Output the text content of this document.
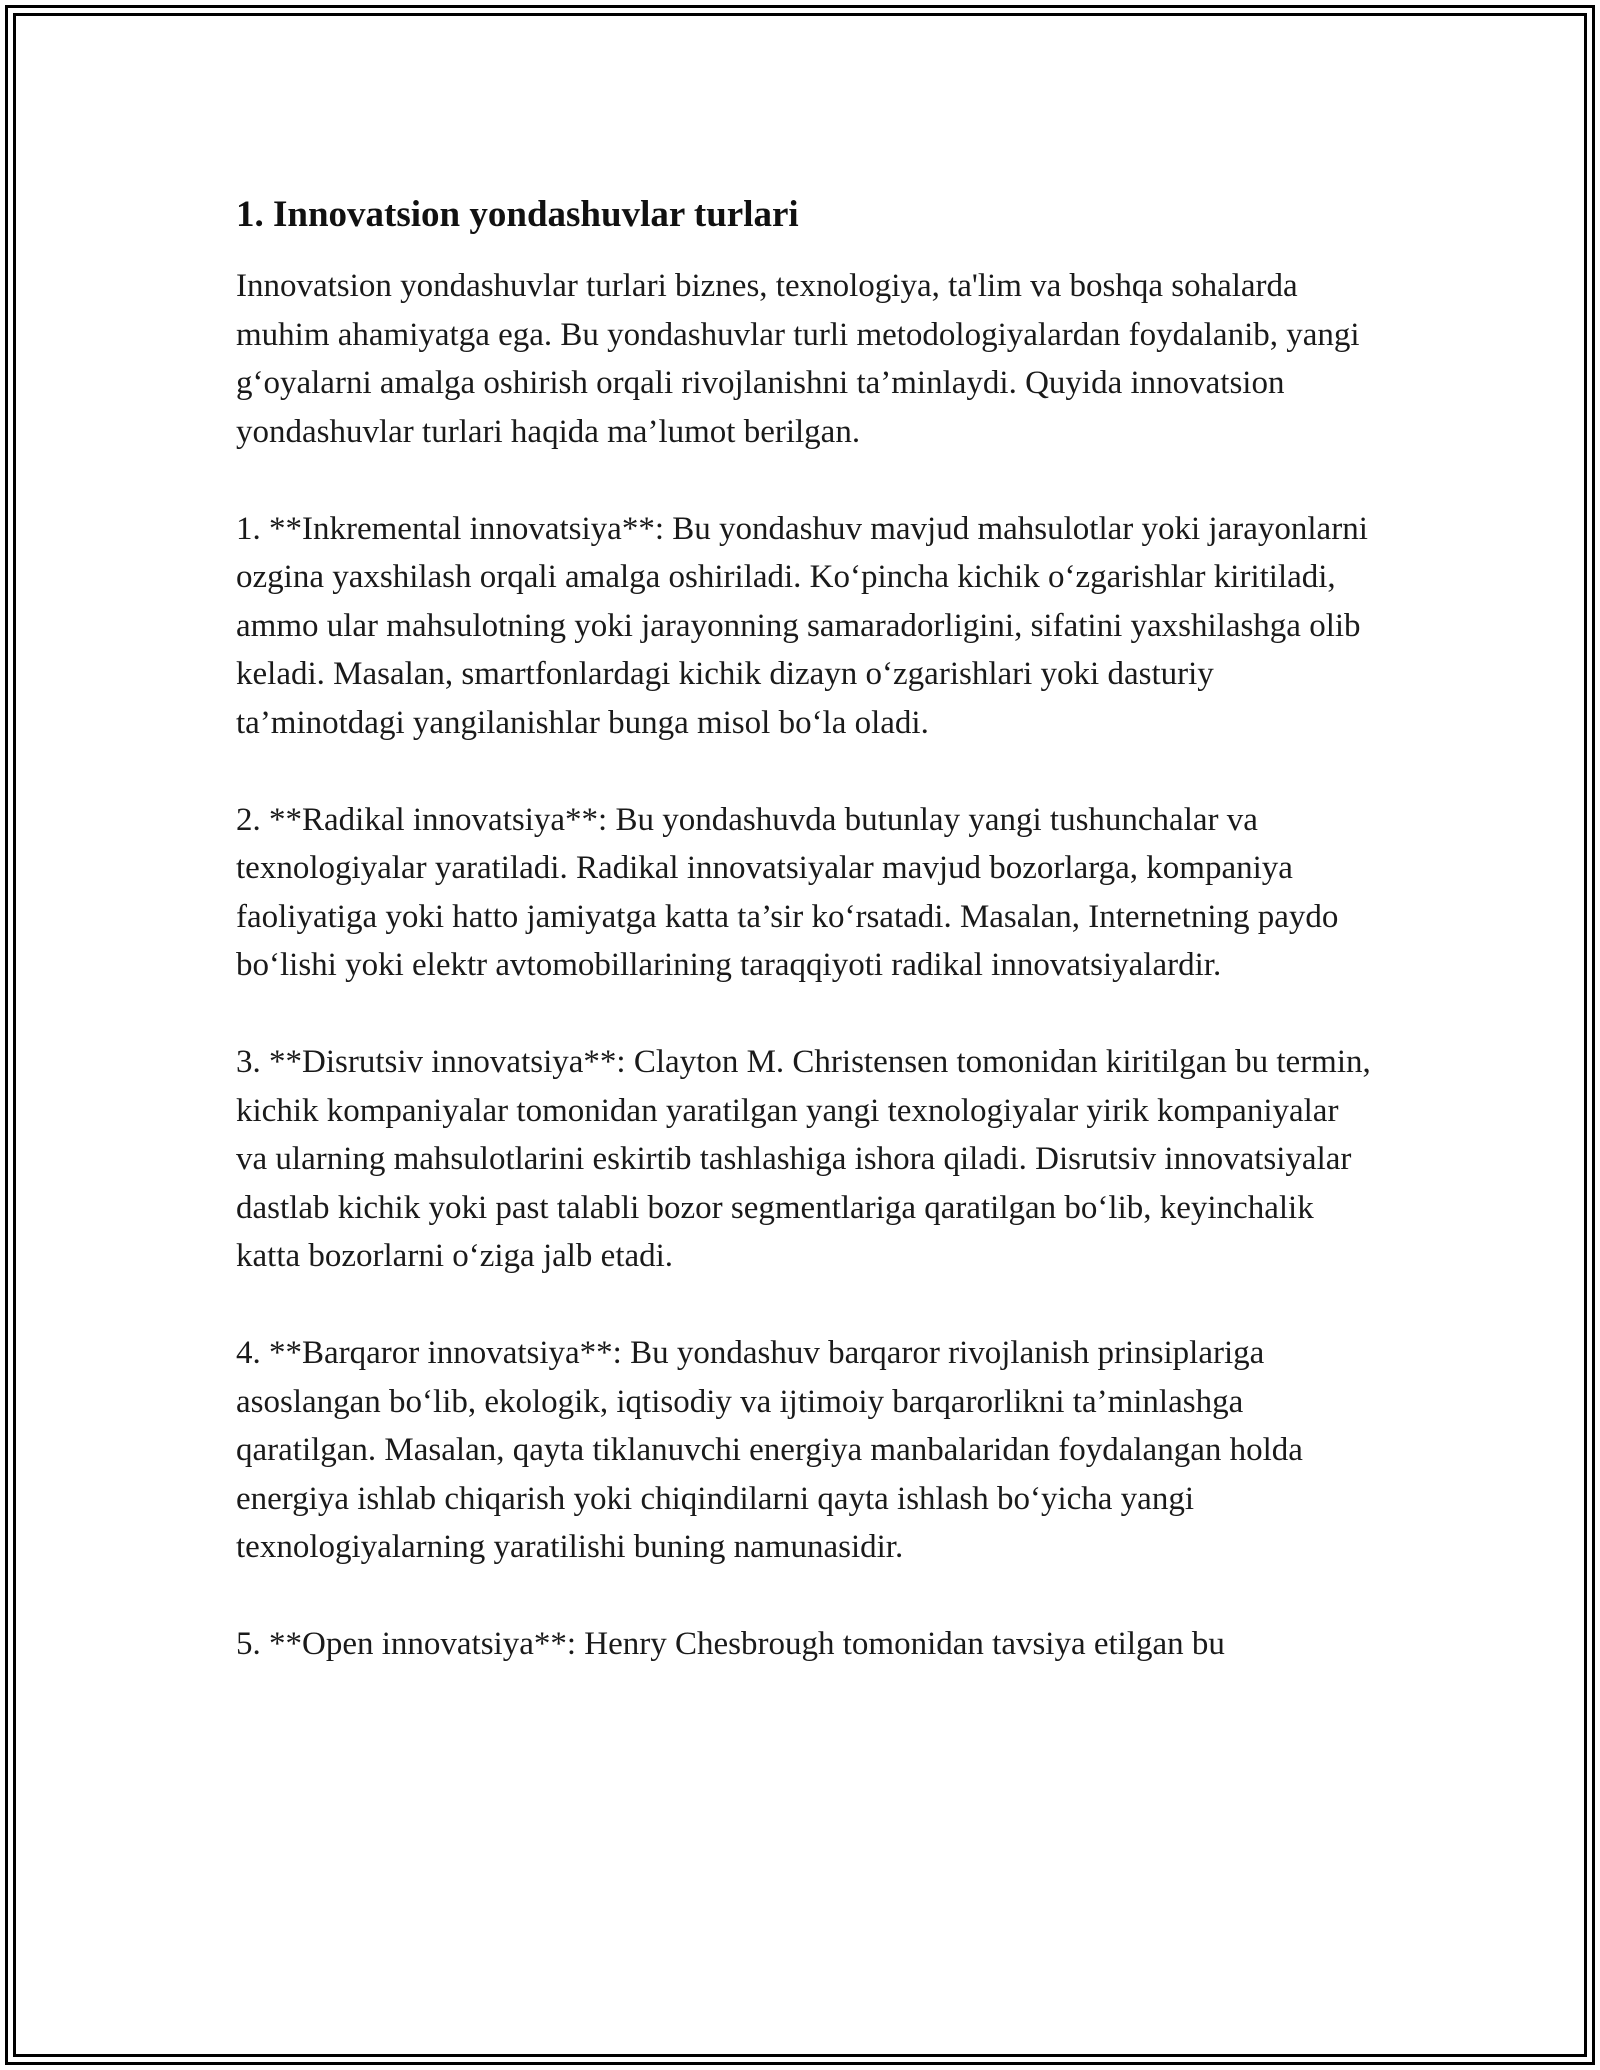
1. Innovatsion yondashuvlar turlari

Innovatsion yondashuvlar turlari biznes, texnologiya, ta'lim va boshqa sohalarda muhim ahamiyatga ega. Bu yondashuvlar turli metodologiyalardan foydalanib, yangi g‘oyalarni amalga oshirish orqali rivojlanishni ta’minlaydi. Quyida innovatsion yondashuvlar turlari haqida ma’lumot berilgan.

1. **Inkremental innovatsiya**: Bu yondashuv mavjud mahsulotlar yoki jarayonlarni ozgina yaxshilash orqali amalga oshiriladi. Ko‘pincha kichik o‘zgarishlar kiritiladi, ammo ular mahsulotning yoki jarayonning samaradorligini, sifatini yaxshilashga olib keladi. Masalan, smartfonlardagi kichik dizayn o‘zgarishlari yoki dasturiy ta’minotdagi yangilanishlar bunga misol bo‘la oladi.

2. **Radikal innovatsiya**: Bu yondashuvda butunlay yangi tushunchalar va texnologiyalar yaratiladi. Radikal innovatsiyalar mavjud bozorlarga, kompaniya faoliyatiga yoki hatto jamiyatga katta ta’sir ko‘rsatadi. Masalan, Internetning paydo bo‘lishi yoki elektr avtomobillarining taraqqiyoti radikal innovatsiyalardir.

3. **Disrutsiv innovatsiya**: Clayton M. Christensen tomonidan kiritilgan bu termin, kichik kompaniyalar tomonidan yaratilgan yangi texnologiyalar yirik kompaniyalar va ularning mahsulotlarini eskirtib tashlashiga ishora qiladi. Disrutsiv innovatsiyalar dastlab kichik yoki past talabli bozor segmentlariga qaratilgan bo‘lib, keyinchalik katta bozorlarni o‘ziga jalb etadi.

4. **Barqaror innovatsiya**: Bu yondashuv barqaror rivojlanish prinsiplariga asoslangan bo‘lib, ekologik, iqtisodiy va ijtimoiy barqarorlikni ta’minlashga qaratilgan. Masalan, qayta tiklanuvchi energiya manbalaridan foydalangan holda energiya ishlab chiqarish yoki chiqindilarni qayta ishlash bo‘yicha yangi texnologiyalarning yaratilishi buning namunasidir.

5. **Open innovatsiya**: Henry Chesbrough tomonidan tavsiya etilgan bu
